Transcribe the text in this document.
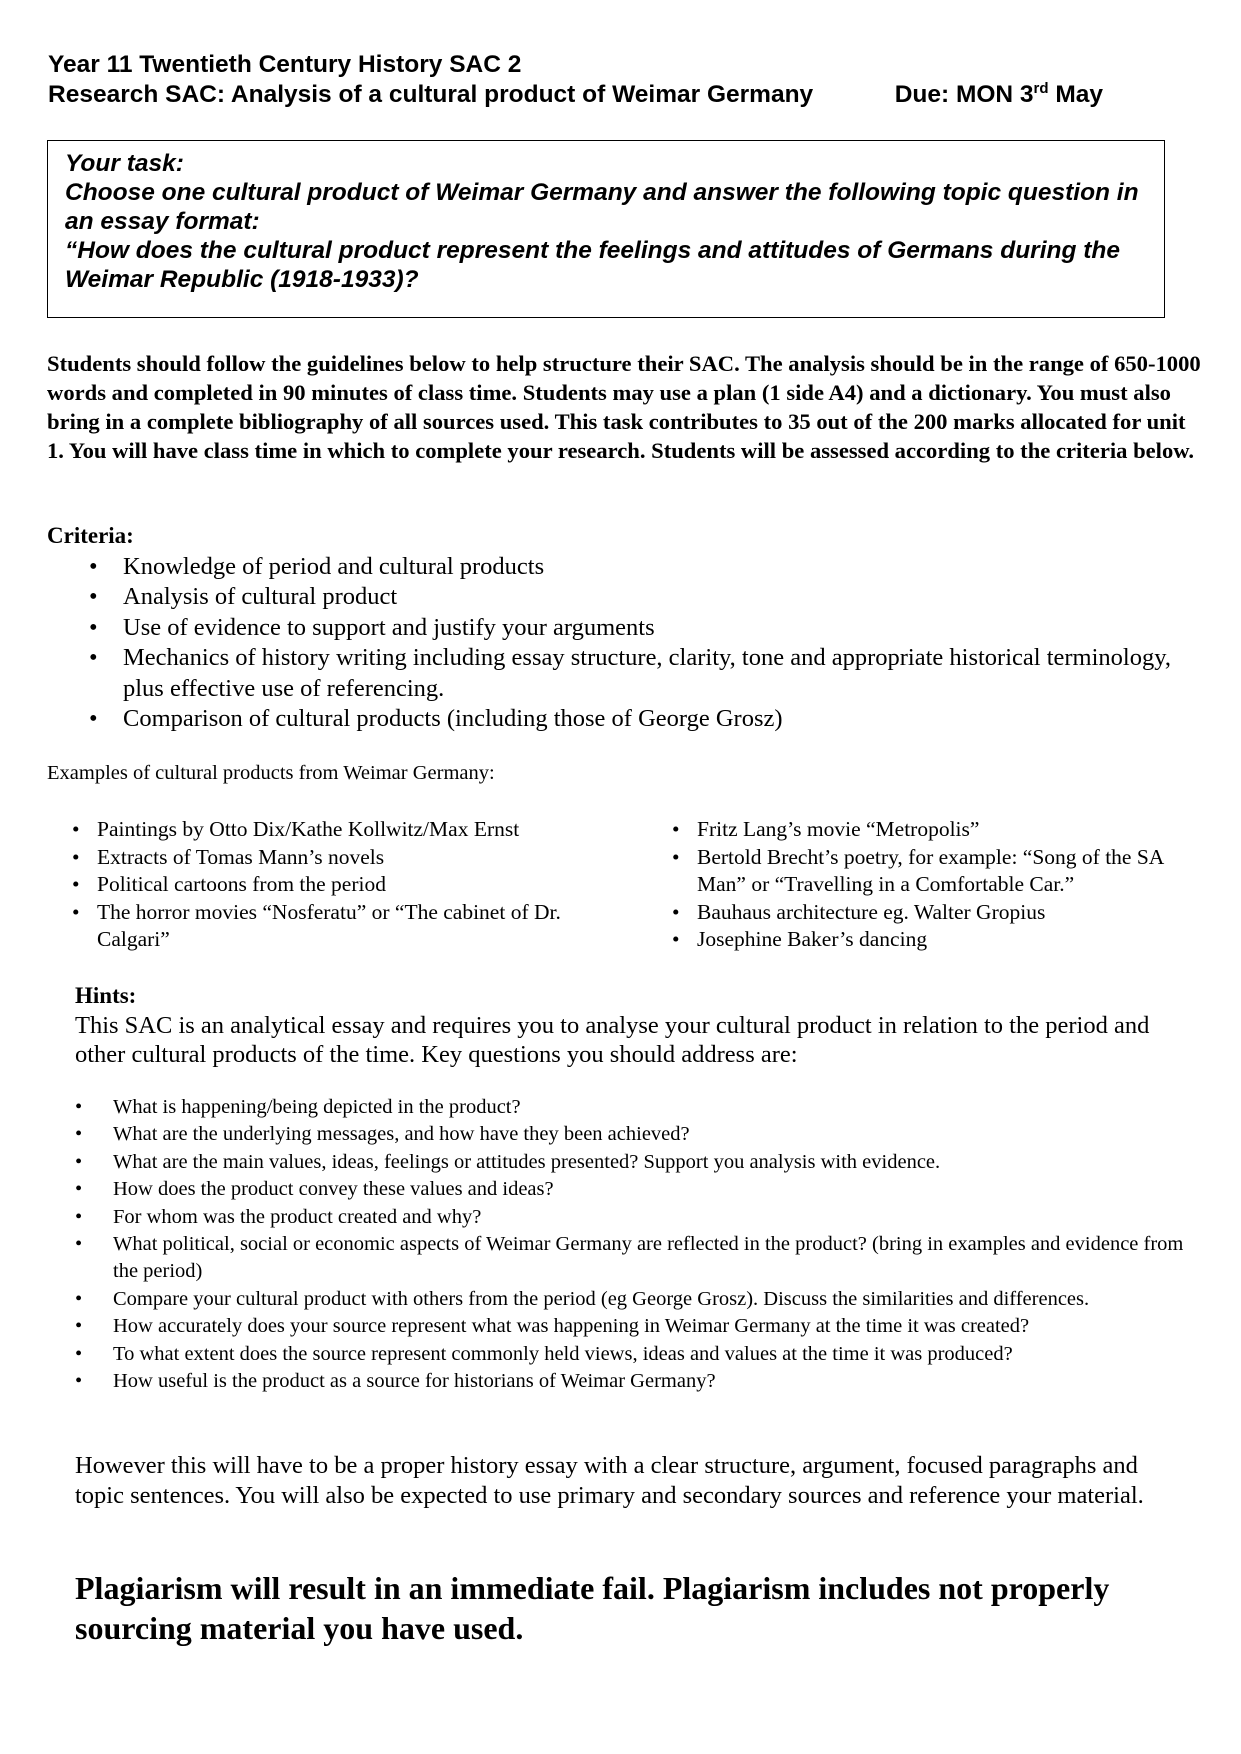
Year 11 Twentieth Century History SAC 2
Research SAC: Analysis of a cultural product of Weimar Germany	Due: MON 3rd May

Your task:

Choose one cultural product of Weimar Germany and answer the following topic question in an essay format:

“How does the cultural product represent the feelings and attitudes of Germans during the Weimar Republic (1918-1933)?

Students should follow the guidelines below to help structure their SAC. The analysis should be in the range of 650-1000 words and completed in 90 minutes of class time. Students may use a plan (1 side A4) and a dictionary. You must also bring in a complete bibliography of all sources used. This task contributes to 35 out of the 200 marks allocated for unit 1. You will have class time in which to complete your research. Students will be assessed according to the criteria below.
Criteria:
• Knowledge of period and cultural products
• Analysis of cultural product
• Use of evidence to support and justify your arguments
• Mechanics of history writing including essay structure, clarity, tone and appropriate historical terminology, plus effective use of referencing.
• Comparison of cultural products (including those of George Grosz)
Examples of cultural products from Weimar Germany:
• Paintings by Otto Dix/Kathe Kollwitz/Max Ernst
• Extracts of Tomas Mann’s novels
• Political cartoons from the period
• The horror movies “Nosferatu” or “The cabinet of Dr. Calgari”
• Fritz Lang’s movie “Metropolis”
• Bertold Brecht’s poetry, for example: “Song of the SA Man” or “Travelling in a Comfortable Car.”
• Bauhaus architecture eg. Walter Gropius
• Josephine Baker’s dancing
Hints:
This SAC is an analytical essay and requires you to analyse your cultural product in relation to the period and other cultural products of the time. Key questions you should address are:
• What is happening/being depicted in the product?
• What are the underlying messages, and how have they been achieved?
• What are the main values, ideas, feelings or attitudes presented? Support you analysis with evidence.
• How does the product convey these values and ideas?
• For whom was the product created and why?
• What political, social or economic aspects of Weimar Germany are reflected in the product? (bring in examples and evidence from the period)
• Compare your cultural product with others from the period (eg George Grosz). Discuss the similarities and differences.
• How accurately does your source represent what was happening in Weimar Germany at the time it was created?
• To what extent does the source represent commonly held views, ideas and values at the time it was produced?
• How useful is the product as a source for historians of Weimar Germany?
However this will have to be a proper history essay with a clear structure, argument, focused paragraphs and topic sentences. You will also be expected to use primary and secondary sources and reference your material.
Plagiarism will result in an immediate fail. Plagiarism includes not properly sourcing material you have used.
